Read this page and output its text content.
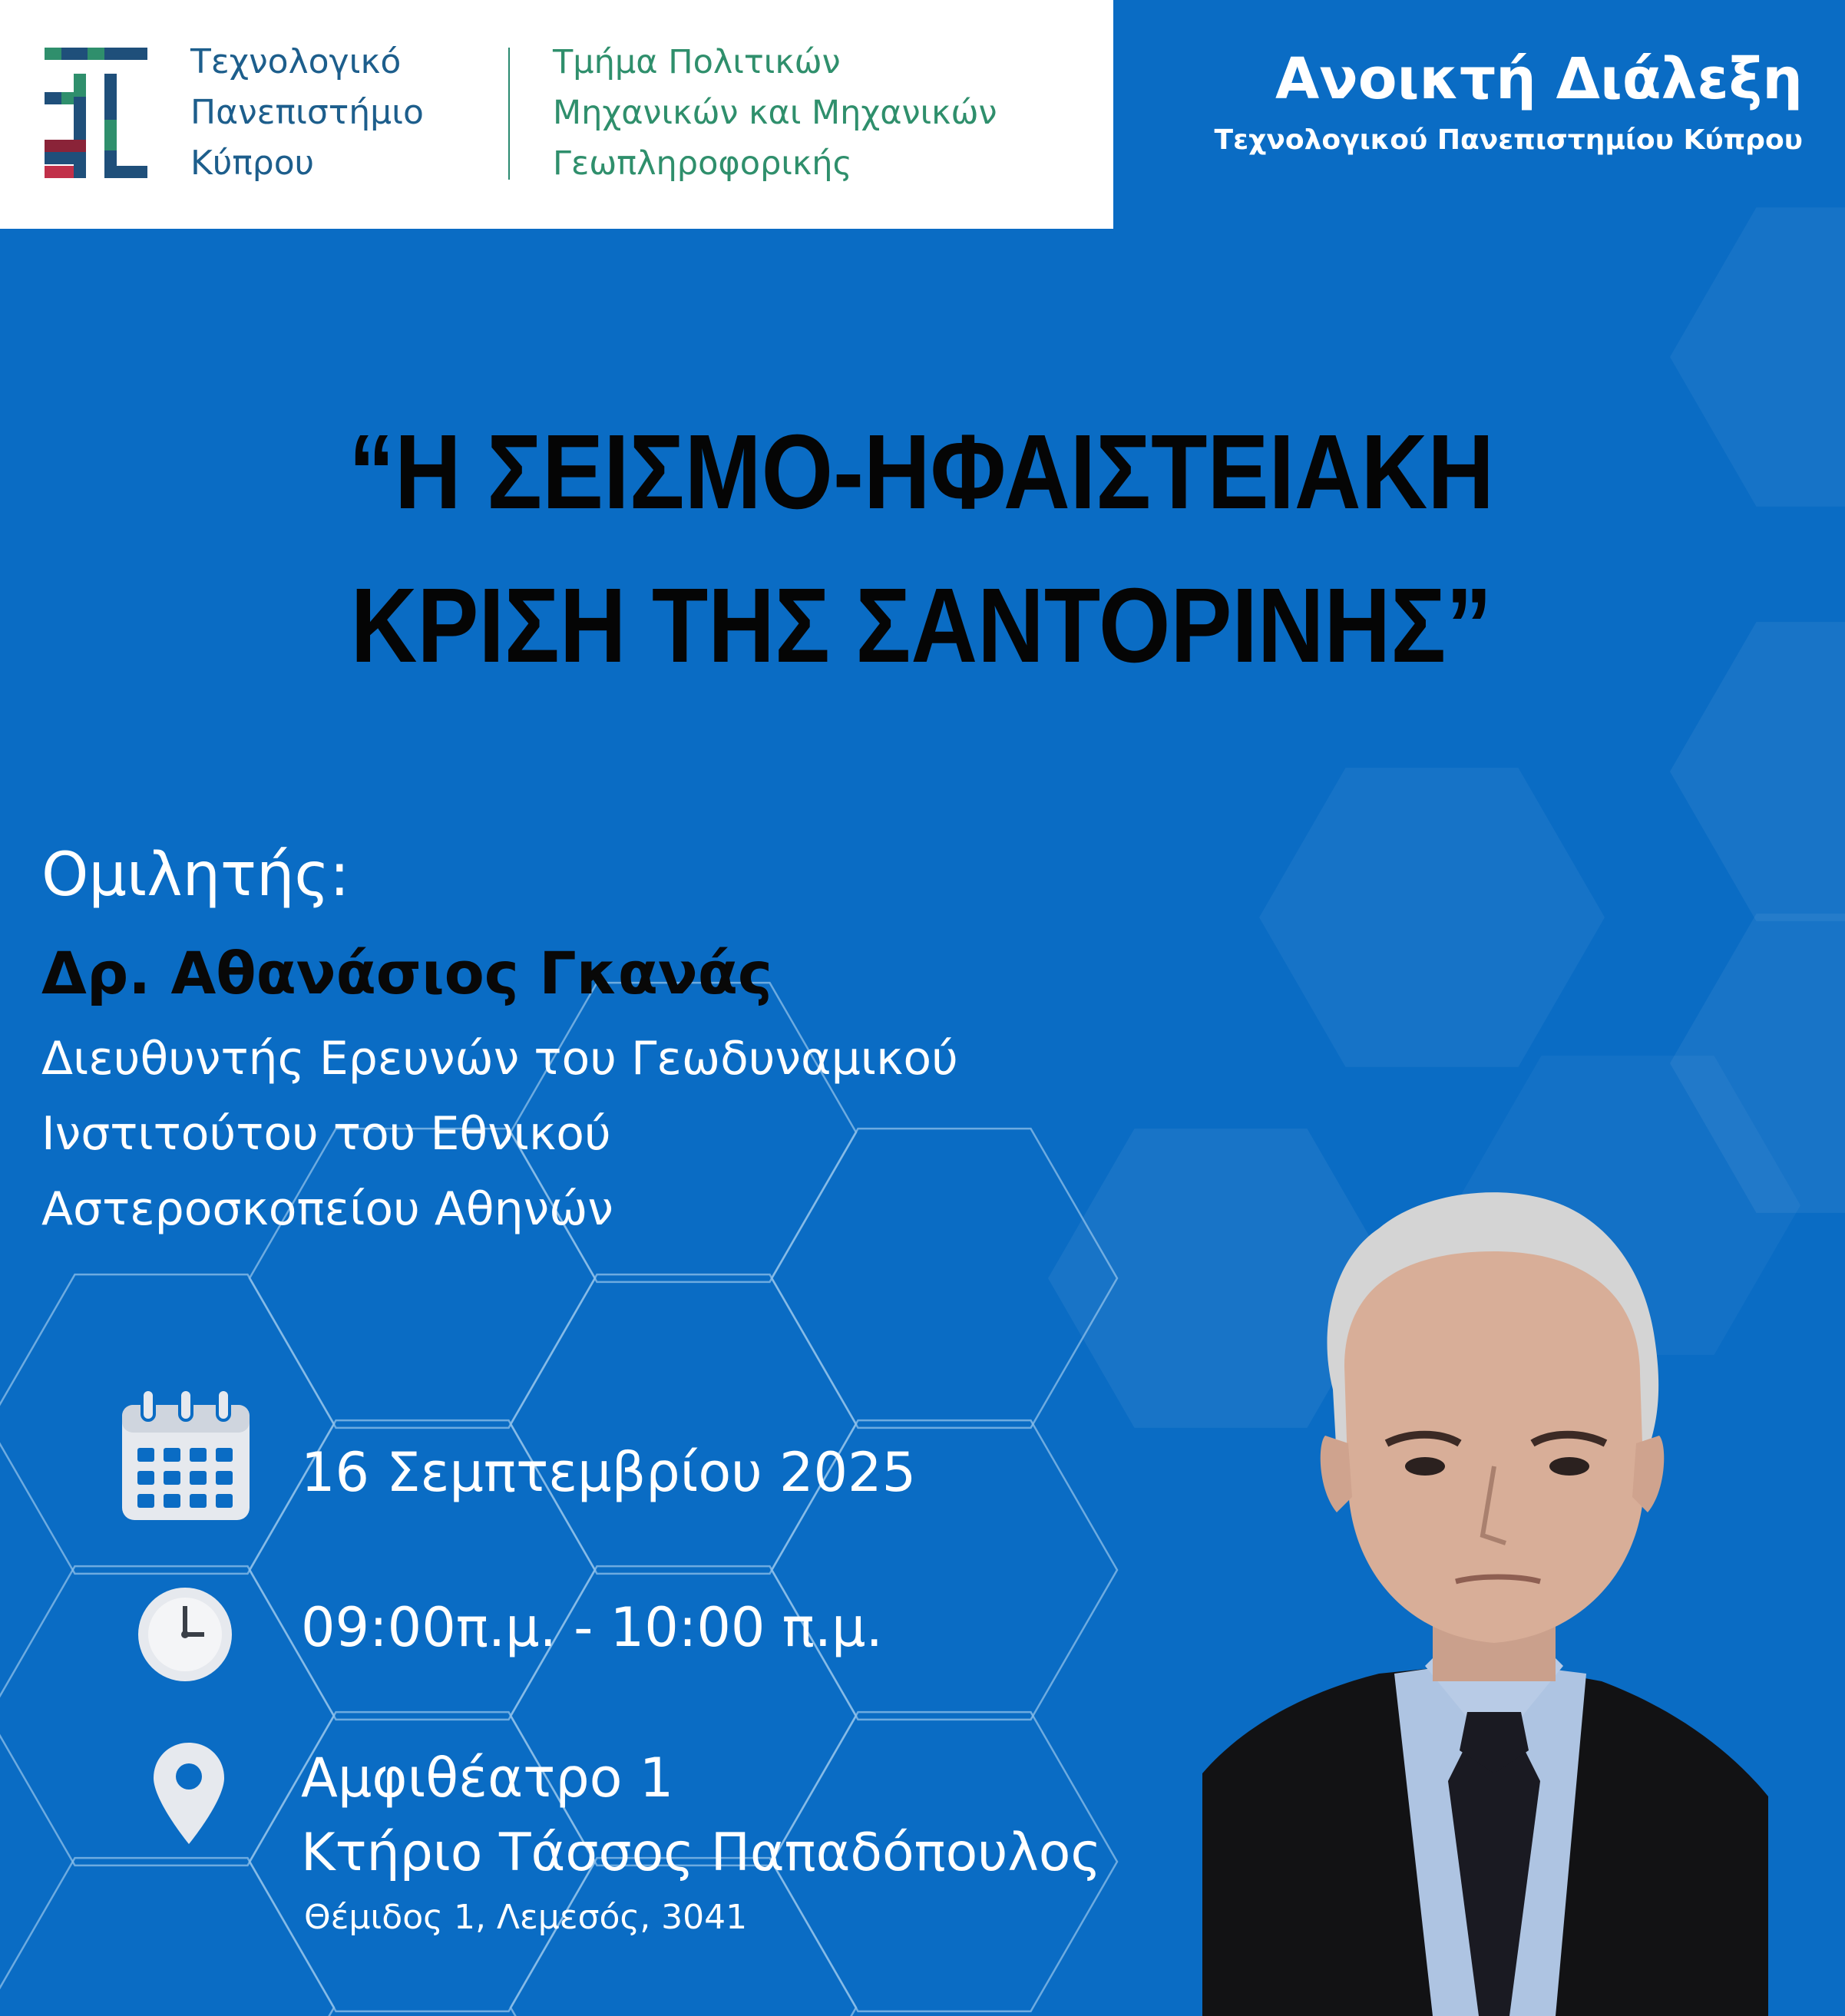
Τεχνολογικό
Πανεπιστήμιο
Κύπρου
Τμήμα Πολιτικών
Μηχανικών και Μηχανικών
Γεωπληροφορικής
Ανοικτή Διάλεξη
Τεχνολογικού Πανεπιστημίου Κύπρου
“Η ΣΕΙΣΜΟ-ΗΦΑΙΣΤΕΙΑΚΗ
ΚΡΙΣΗ ΤΗΣ ΣΑΝΤΟΡΙΝΗΣ”
Ομιλητής:
Δρ. Αθανάσιος Γκανάς
Διευθυντής Ερευνών του Γεωδυναμικού
Ινστιτούτου του Εθνικού
Αστεροσκοπείου Αθηνών
16 Σεμπτεμβρίου 2025
09:00π.μ. - 10:00 π.μ.
Αμφιθέατρο 1
Κτήριο Τάσσος Παπαδόπουλος
Θέμιδος 1, Λεμεσός, 3041
